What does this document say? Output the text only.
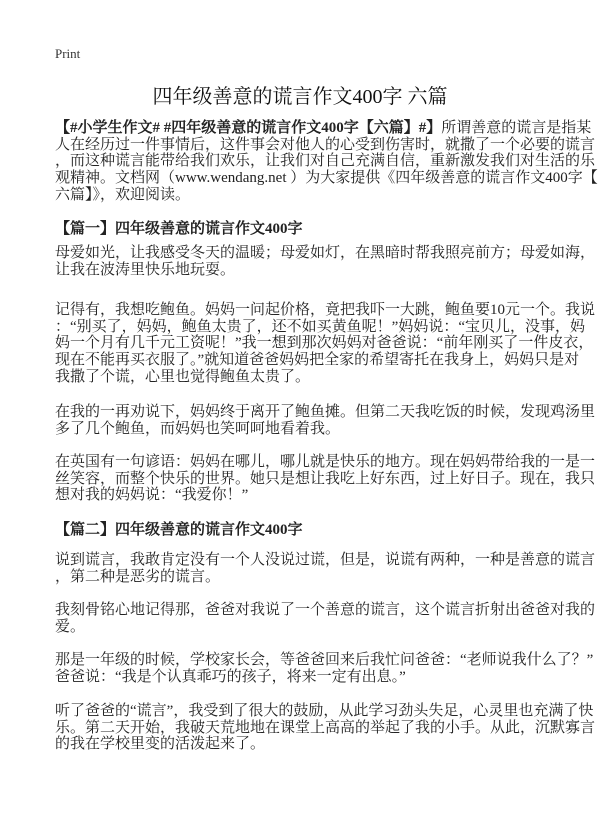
Print
四年级善意的谎言作文400字 六篇
【#小学生作文# #四年级善意的谎言作文400字【六篇】#】所谓善意的谎言是指某
人在经历过一件事情后，这件事会对他人的心受到伤害时，就撒了一个必要的谎言
，而这种谎言能带给我们欢乐，让我们对自己充满自信，重新激发我们对生活的乐
观精神。文档网（www.wendang.net ）为大家提供《四年级善意的谎言作文400字【
六篇】》，欢迎阅读。
【篇一】四年级善意的谎言作文400字
母爱如光，让我感受冬天的温暖；母爱如灯，在黑暗时帮我照亮前方；母爱如海，
让我在波涛里快乐地玩耍。
记得有，我想吃鲍鱼。妈妈一问起价格，竟把我吓一大跳，鲍鱼要10元一个。我说
：“别买了，妈妈，鲍鱼太贵了，还不如买黄鱼呢！”妈妈说：“宝贝儿，没事，妈
妈一个月有几千元工资呢！”我一想到那次妈妈对爸爸说：“前年刚买了一件皮衣，
现在不能再买衣服了。”就知道爸爸妈妈把全家的希望寄托在我身上，妈妈只是对
我撒了个谎，心里也觉得鲍鱼太贵了。
在我的一再劝说下，妈妈终于离开了鲍鱼摊。但第二天我吃饭的时候，发现鸡汤里
多了几个鲍鱼，而妈妈也笑呵呵地看着我。
在英国有一句谚语：妈妈在哪儿，哪儿就是快乐的地方。现在妈妈带给我的一是一
丝笑容，而整个快乐的世界。她只是想让我吃上好东西，过上好日子。现在，我只
想对我的妈妈说：“我爱你！”
【篇二】四年级善意的谎言作文400字
说到谎言，我敢肯定没有一个人没说过谎，但是，说谎有两种，一种是善意的谎言
，第二种是恶劣的谎言。
我刻骨铭心地记得那，爸爸对我说了一个善意的谎言，这个谎言折射出爸爸对我的
爱。
那是一年级的时候，学校家长会，等爸爸回来后我忙问爸爸：“老师说我什么了？”
爸爸说：“我是个认真乖巧的孩子，将来一定有出息。”
听了爸爸的“谎言”，我受到了很大的鼓励，从此学习劲头失足，心灵里也充满了快
乐。第二天开始，我破天荒地地在课堂上高高的举起了我的小手。从此，沉默寡言
的我在学校里变的活泼起来了。
